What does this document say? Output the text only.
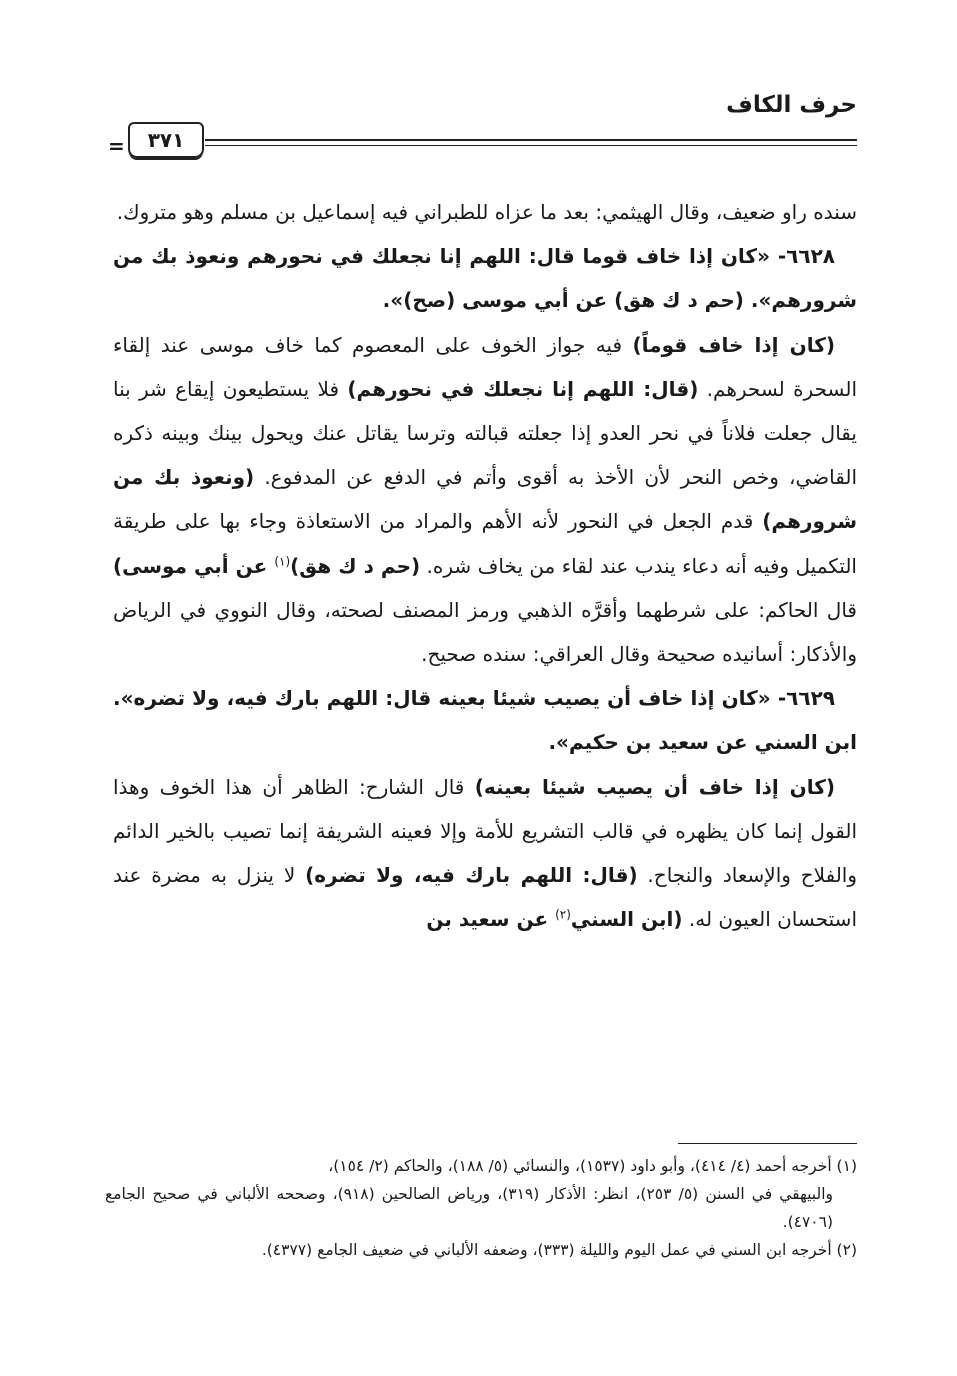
حرف الكاف
=	٣٧١

سنده راو ضعيف، وقال الهيثمي: بعد ما عزاه للطبراني فيه إسماعيل بن مسلم وهو متروك.

٦٦٢٨- «كان إذا خاف قوما قال: اللهم إنا نجعلك في نحورهم ونعوذ بك من شرورهم». (حم د ك هق) عن أبي موسى (صح)».

(كان إذا خاف قوماً) فيه جواز الخوف على المعصوم كما خاف موسى عند إلقاء السحرة لسحرهم. (قال: اللهم إنا نجعلك في نحورهم) فلا يستطيعون إيقاع شر بنا يقال جعلت فلاناً في نحر العدو إذا جعلته قبالته وترسا يقاتل عنك ويحول بينك وبينه ذكره القاضي، وخص النحر لأن الأخذ به أقوى وأتم في الدفع عن المدفوع. (ونعوذ بك من شرورهم) قدم الجعل في النحور لأنه الأهم والمراد من الاستعاذة وجاء بها على طريقة التكميل وفيه أنه دعاء يندب عند لقاء من يخاف شره. (حم د ك هق)$^{(١)}$ عن أبي موسى) قال الحاكم: على شرطهما وأقرَّه الذهبي ورمز المصنف لصحته، وقال النووي في الرياض والأذكار: أسانيده صحيحة وقال العراقي: سنده صحيح.

٦٦٢٩- «كان إذا خاف أن يصيب شيئا بعينه قال: اللهم بارك فيه، ولا تضره». ابن السني عن سعيد بن حكيم».

(كان إذا خاف أن يصيب شيئا بعينه) قال الشارح: الظاهر أن هذا الخوف وهذا القول إنما كان يظهره في قالب التشريع للأمة وإلا فعينه الشريفة إنما تصيب بالخير الدائم والفلاح والإسعاد والنجاح. (قال: اللهم بارك فيه، ولا تضره) لا ينزل به مضرة عند استحسان العيون له. (ابن السني$^{(٢)}$ عن سعيد بن

(١) أخرجه أحمد (٤/ ٤١٤)، وأبو داود (١٥٣٧)، والنسائي (٥/ ١٨٨)، والحاكم (٢/ ١٥٤)،

والبيهقي في السنن (٥/ ٢٥٣)، انظر: الأذكار (٣١٩)، ورياض الصالحين (٩١٨)، وصححه الألباني في صحيح الجامع (٤٧٠٦).

(٢) أخرجه ابن السني في عمل اليوم والليلة (٣٣٣)، وضعفه الألباني في ضعيف الجامع (٤٣٧٧).
